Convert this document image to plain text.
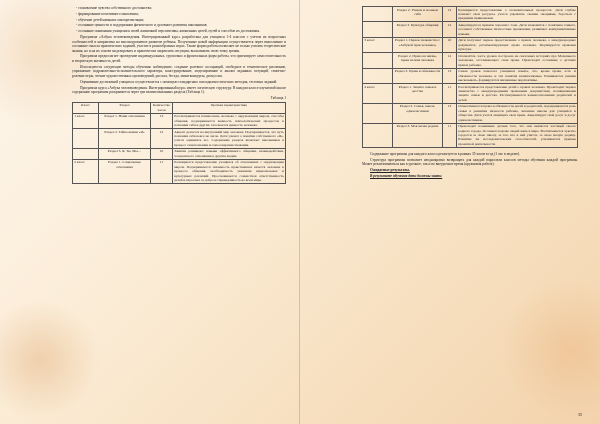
- становление чувства собственного достоинства;

- формирование позитивного мышления;

- обучение детей навыкам самопрезентации;

- осознание ценности и поддержания физического и духовного развития школьников;

- осознание понимания учащимися своей жизненной перспективы, жизненных целей, путей и способов их достижения.

Программа «Азбука человековедения. Интегрированный курс» разработана для учащихся 1-4 классов с учетом их возрастных особенностей и направлена на высокоуровневое развитие ребенка. Полученные новой информации осуществляется через выполнение и осознание смысла практических заданий, участие в разнообразных играх. Также форма работы позволяет не только усвоить теоретические знания, но и на их основе моделировать и практически закреплять ситуации, высказывать свою точку зрения.

Программа предполагает проведение индивидуальных, групповых и фронтальных форм работы, что ориентирует самостоятельность и творческую активность детей.

Используются следующие методы обучения: наблюдение, создание ролевого ассоциаций, свободное и тематическое рисование, упражнение подражательно-исполнительского характера, конструирование, моделирование и анализ заданных ситуаций, сюжетно-ролевые игры, чтение художественных произведений, рассказ, беседа, мини-конкурсы, дискуссия.

Оценивание достижений учащихся осуществляется с помощью стандартных психодиагностических методик, тестовых заданий.

Программа курса «Азбука человековедения. Интегрированный курс» имеет логическую структуру. В каждом классе изучаемой школе содержание программы раскрывается через три взаимосвязанных раздела (Таблица 1).

Таблица 1

Класс	Раздел	Количество часов	Краткая характеристика
1 класс	Раздел 1. Наши отношения	13	Рассматриваются взаимосвязь человека с окружающим миром, способы общения, подчеркивается важность психологических процессов в познании себя и других. Осознается ценность человека.
	Раздел 2. Тайна имени «Я»	12	Акцент делается на внутренний мир человека. Подчеркивается, что путь познания себя вовсе не легок. Дети узнают о понятии собственного «Я», учатся оценивать его. Содержание раздела включает школьников в процесс самопознания и самосовершенствования.
	Раздел 3. Я, Ты, Мы…	10	Занятия развивают навыки эффективного общения, взаимодействия, толерантного отношения к другим людям.
2 класс	Раздел 1. Социальные отношения	11	Расширяется представление учащихся об отношениях с окружающим миром. Подчеркивается значимость нравственных качеств человека в процессе общения, необходимость уважения национальных и культурных различий. Прослеживается совместная ответственность детей и взрослых за добро и справедливость во всем мире.
	Раздел 2. Узнаем и познаем себя	12	Расширяется представление о познавательных процессах. Дети глубже познают свои ресурсы, учатся управлять своими эмоциями, бороться с вредными привычками.
	Раздел 3. Культура общения	12	Акцентируется правила хорошего тона. Дети знакомятся с понятием этикета, осознают собственные личностные проявления, развивают коммуникативные навыки.
3 класс	Раздел 1. Первое знакомство с «Азбукой прав человека»	10	Дети получают первое представление о правах человека, о международных документах, регламентирующих права человека. Формируется правовая культура.
	Раздел 2. Право на жизнь, права на имя человека	12	Осознаётся, часть уроков построена на сказочных историях про Маленького человечка, отстаивающего свои права. Происходит осознание о детских правах ребенка.
	Раздел 3. Права и обязанности	13	Самая уроков помогает учащимся понять, что, кроме права, есть и обязанности человека, и эти понятия взаимосвязаны. Развиваются умения высказывать, формируются жизненные перспективы.
4 класс	Раздел 1. Защита семьи и детства	11	Рассматриваются представление детей о правах человека. Происходит первое знакомство с международными правовыми документами, посвященными защите семьи и детства. Рассматриваются взаимоотношения родителей и детей.
	Раздел 2. Семья, школа, одноклассники	13	Осмысливаются права и обязанности детей и родителей, подчеркиваются роль семьи в развитии личности ребенка, значение школы для учащихся и общества. Дети учатся защищать свои права. Акцентирует свой досуг и досуг одноклассников.
	Раздел 3. Моя малая родина	11	Происходит понимание детьми того, что они являются частицей своего родного города. Осознается право людей жить в мире. Воспитывается чувство гордости за свою школу, за тех, кто в ней учится, за свою малую родину. Развитие их исследовательских способностей, усиливаются приемы проектной деятельности.

Содержание программы для каждого класса реализуется в рамках 35 часов в год (1 час в неделю).

Структура программы позволяет неоднократно возвращать для каждой параллели классов методы обучения каждой программы. Может реализовываться как в урочное, так и во внеурочное время (кружковая работа).

Ожидаемые результаты.

В результате обучения дети должны знать:

35
